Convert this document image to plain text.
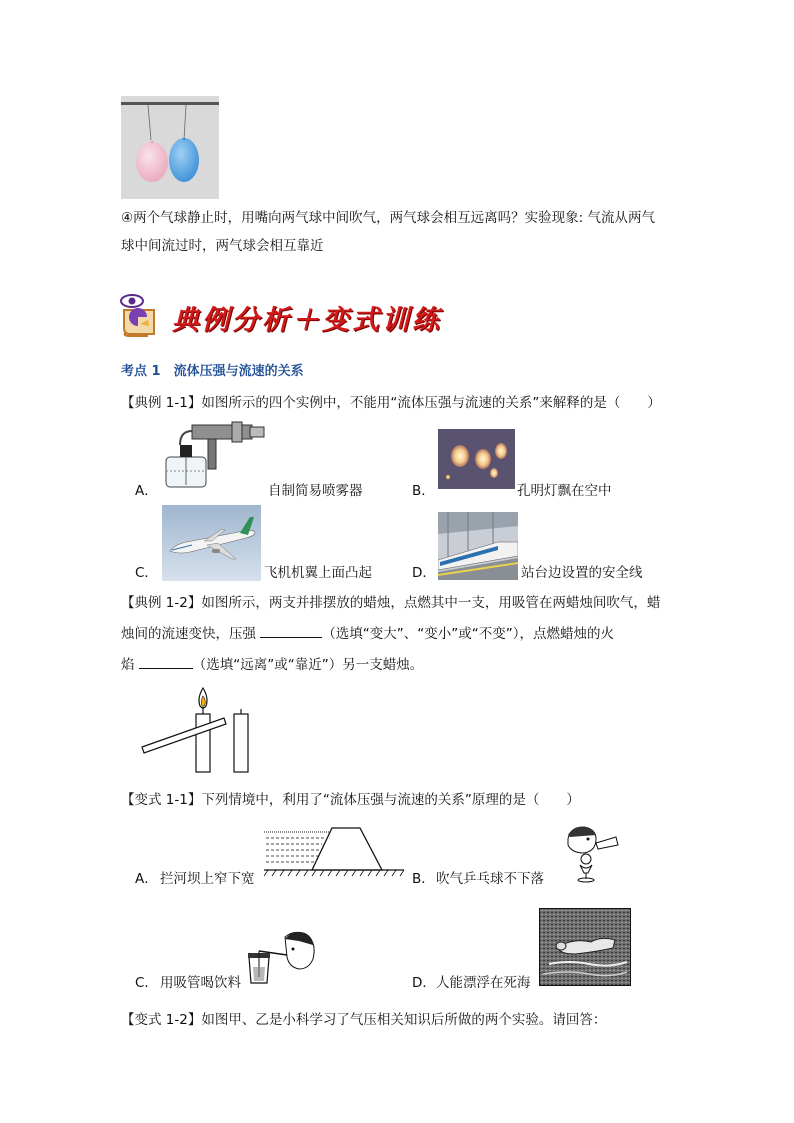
④两个气球静止时，用嘴向两气球中间吹气，两气球会相互远离吗？实验现象: 气流从两气
球中间流过时，两气球会相互靠近
典例分析＋变式训练
考点 1　流体压强与流速的关系
【典例 1-1】如图所示的四个实例中，不能用“流体压强与流速的关系”来解释的是（　　）
A．	自制简易喷雾器	B．	孔明灯飘在空中
C．	飞机机翼上面凸起	D．	站台边设置的安全线
【典例 1-2】如图所示，两支并排摆放的蜡烛，点燃其中一支，用吸管在两蜡烛间吹气，蜡
烛间的流速变快，压强	（选填“变大”、“变小”或“不变”），点燃蜡烛的火
焰	（选填“远离”或“靠近”）另一支蜡烛。
【变式 1-1】下列情境中，利用了“流体压强与流速的关系”原理的是（　　）
A． 拦河坝上窄下宽	B． 吹气乒乓球不下落
C． 用吸管喝饮料	D． 人能漂浮在死海
【变式 1-2】如图甲、乙是小科学习了气压相关知识后所做的两个实验。请回答：
